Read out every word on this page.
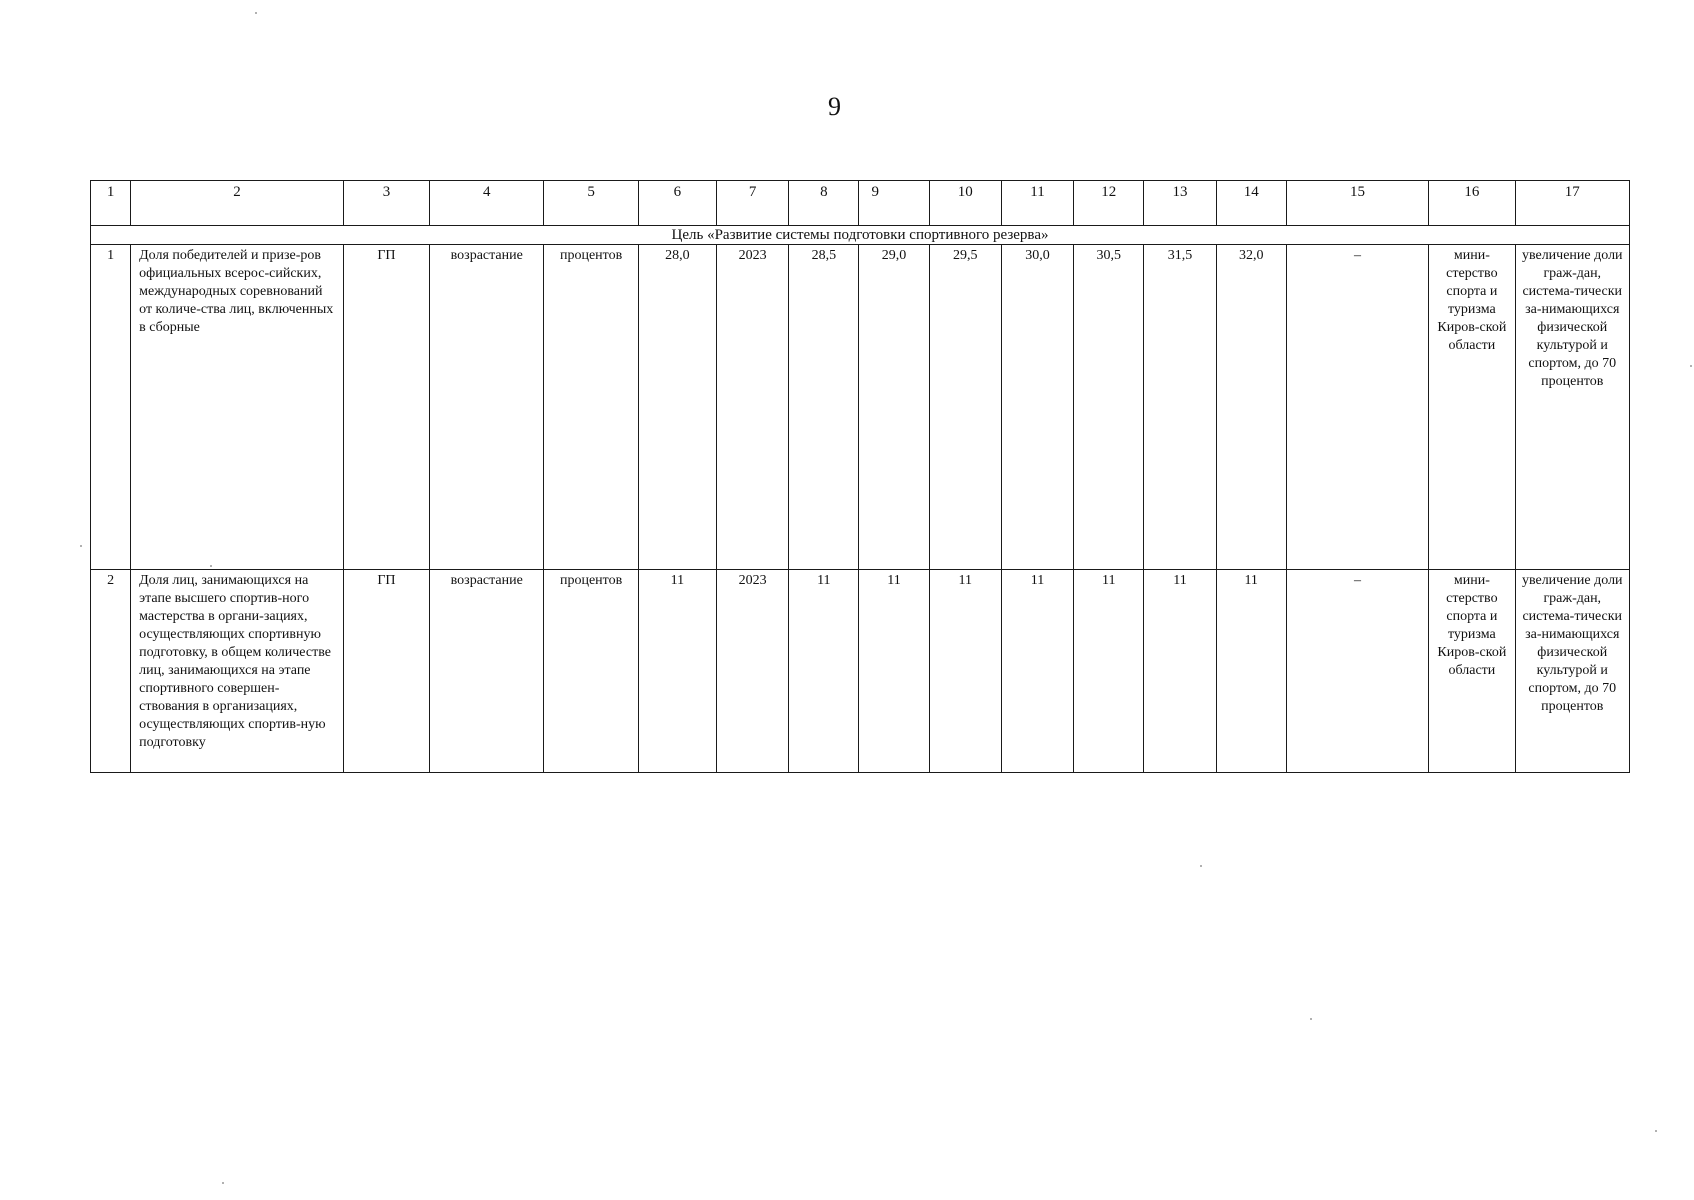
9
1	2	3	4	5	6	7	8	9	10	11	12	13	14	15	16	17
Цель «Развитие системы подготовки спортивного резерва»																
1	Доля победителей и призе-ров официальных всерос-сийских, международных соревнований от количе-ства лиц, включенных в сборные	ГП	возрастание	процентов	28,0	2023	28,5	29,0	29,5	30,0	30,5	31,5	32,0	–	мини-стерство спорта и туризма Киров-ской области	увеличение доли граж-дан, система-тически за-нимающихся физической культурой и спортом, до 70 процентов
2	Доля лиц, занимающихся на этапе высшего спортив-ного мастерства в органи-зациях, осуществляющих спортивную подготовку, в общем количестве лиц, занимающихся на этапе спортивного совершен-ствования в организациях, осуществляющих спортив-ную подготовку	ГП	возрастание	процентов	11	2023	11	11	11	11	11	11	11	–	мини-стерство спорта и туризма Киров-ской области	увеличение доли граж-дан, система-тически за-нимающихся физической культурой и спортом, до 70 процентов
